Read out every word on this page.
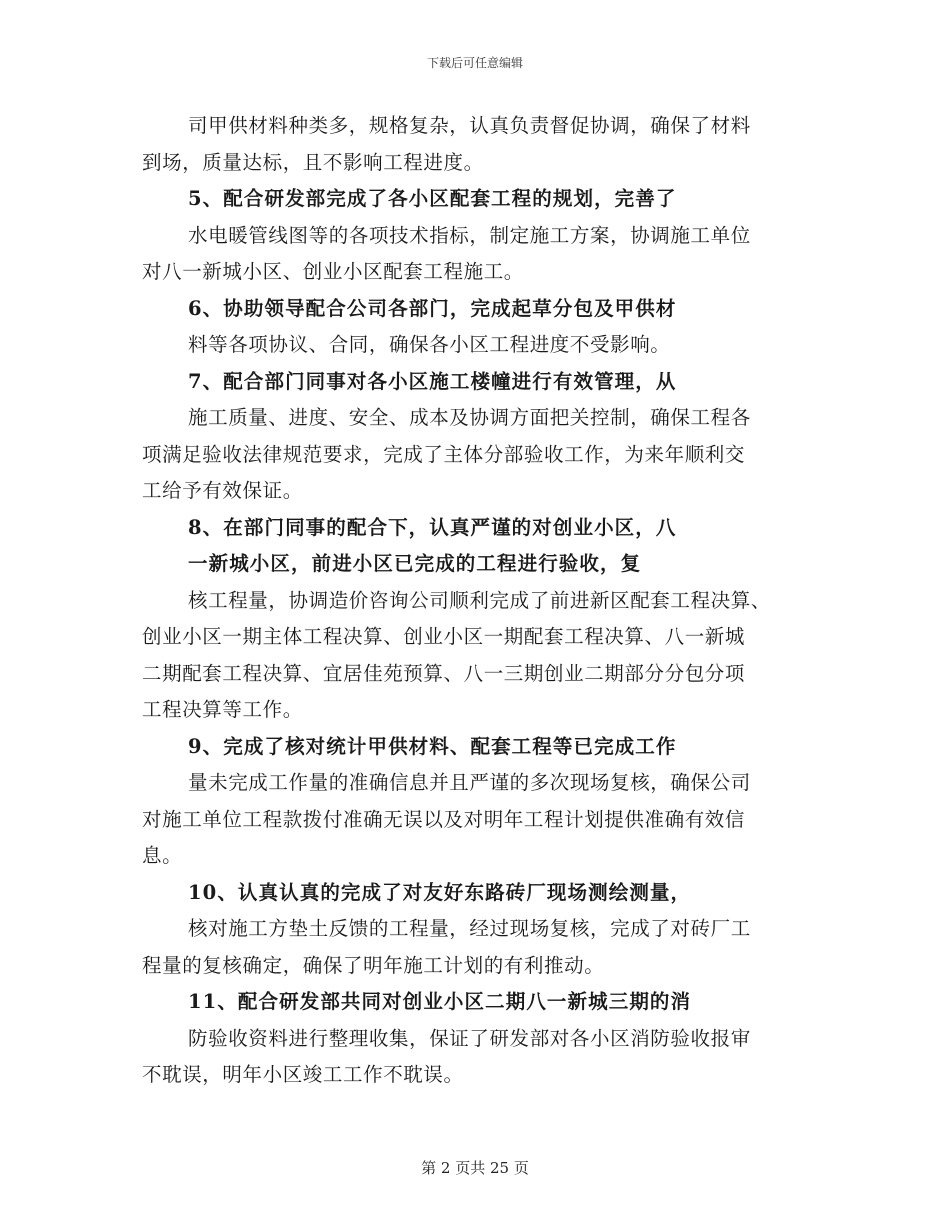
下载后可任意编辑
司甲供材料种类多，规格复杂，认真负责督促协调，确保了材料
到场，质量达标，且不影响工程进度。
5、配合研发部完成了各小区配套工程的规划，完善了
水电暖管线图等的各项技术指标，制定施工方案，协调施工单位
对八一新城小区、创业小区配套工程施工。
6、协助领导配合公司各部门，完成起草分包及甲供材
料等各项协议、合同，确保各小区工程进度不受影响。
7、配合部门同事对各小区施工楼幢进行有效管理，从
施工质量、进度、安全、成本及协调方面把关控制，确保工程各
项满足验收法律规范要求，完成了主体分部验收工作，为来年顺利交
工给予有效保证。
8、在部门同事的配合下，认真严谨的对创业小区，八
一新城小区，前进小区已完成的工程进行验收，复
核工程量，协调造价咨询公司顺利完成了前进新区配套工程决算、
创业小区一期主体工程决算、创业小区一期配套工程决算、八一新城
二期配套工程决算、宜居佳苑预算、八一三期创业二期部分分包分项
工程决算等工作。
9、完成了核对统计甲供材料、配套工程等已完成工作
量未完成工作量的准确信息并且严谨的多次现场复核，确保公司
对施工单位工程款拨付准确无误以及对明年工程计划提供准确有效信
息。
10、认真认真的完成了对友好东路砖厂现场测绘测量，
核对施工方垫土反馈的工程量，经过现场复核，完成了对砖厂工
程量的复核确定，确保了明年施工计划的有利推动。
11、配合研发部共同对创业小区二期八一新城三期的消
防验收资料进行整理收集，保证了研发部对各小区消防验收报审
不耽误，明年小区竣工工作不耽误。
第 2 页共 25 页
